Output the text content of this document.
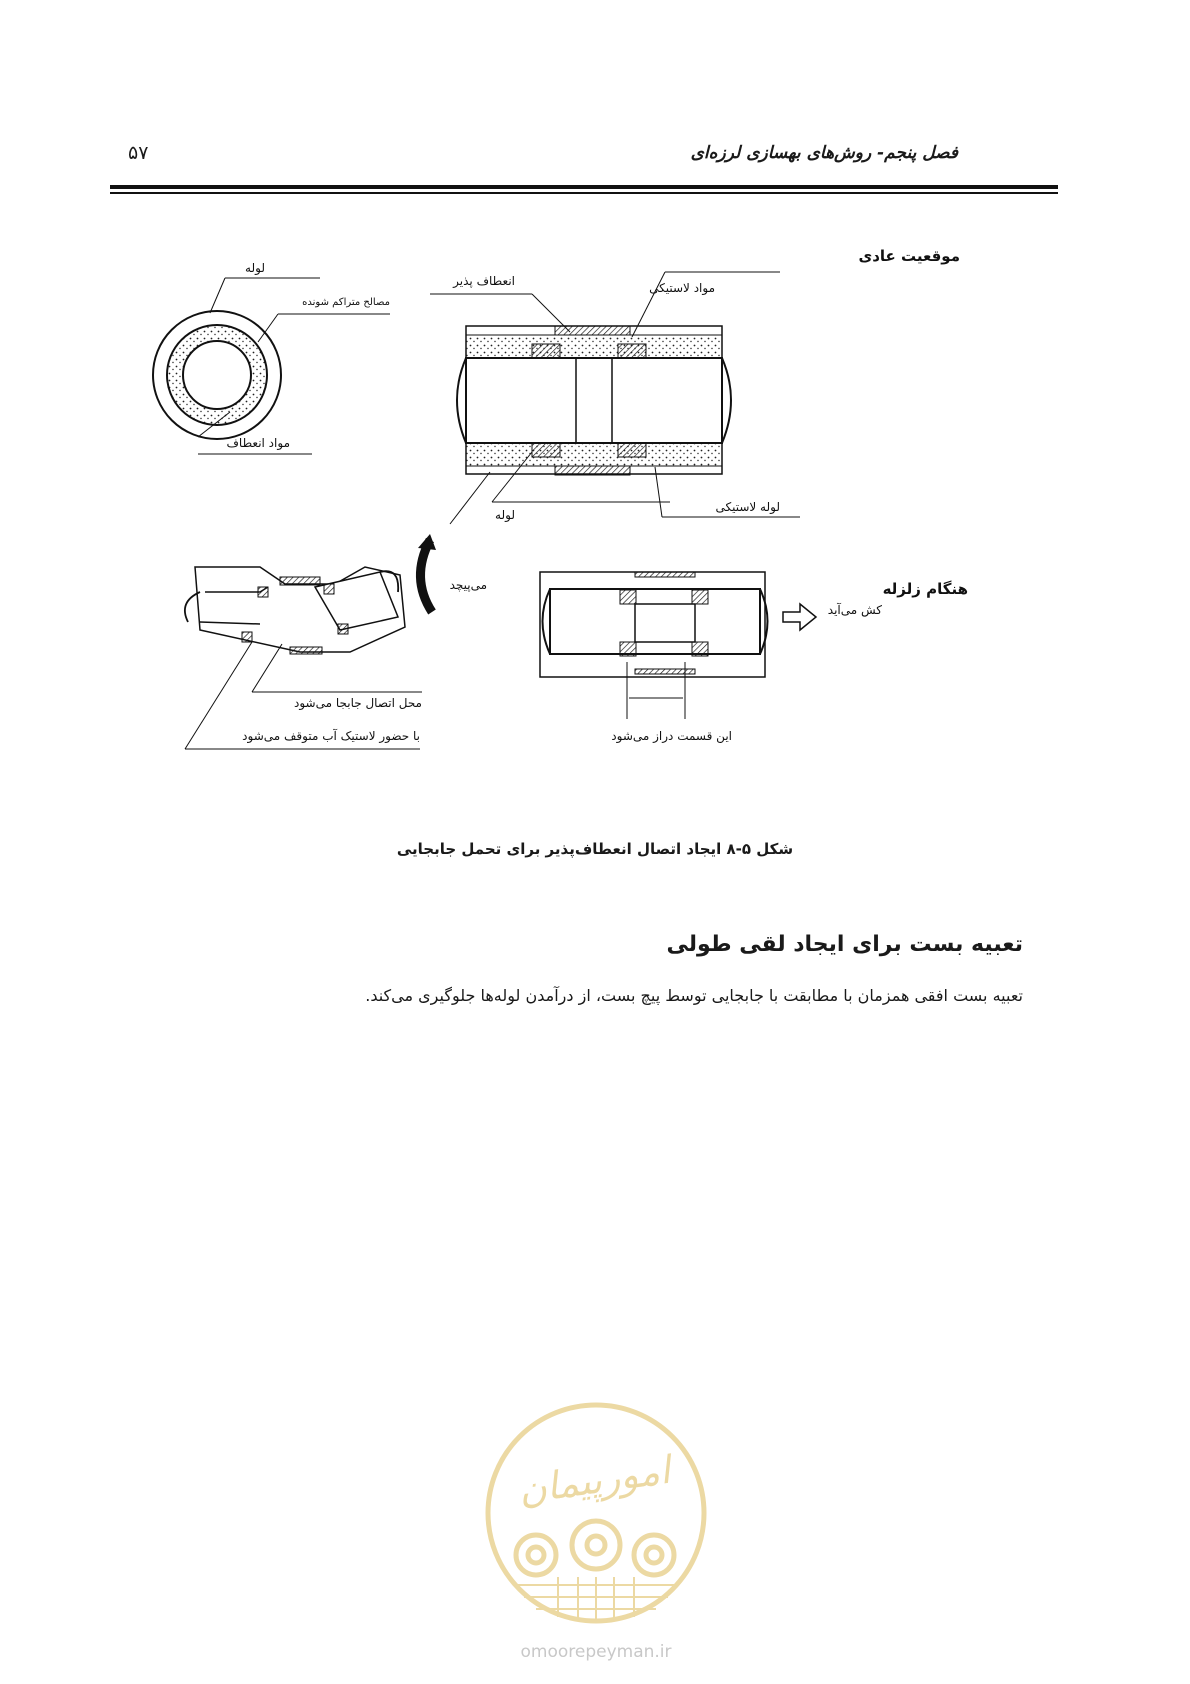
۵۷	فصل پنجم- روش‌های بهسازی لرزه‌ای
موقعیت عادی
هنگام زلزله
لوله
مصالح متراکم شونده
مواد انعطاف
انعطاف پذیر	مواد لاستیکی
لوله
لوله لاستیکی
می‌پیچد
محل اتصال جابجا می‌شود
با حضور لاستیک آب متوقف می‌شود
کش می‌آید
این قسمت دراز می‌شود
شکل ۵-۸ ایجاد اتصال انعطاف‌پذیر برای تحمل جابجایی
تعبیه بست برای ایجاد لقی طولی
تعبیه بست افقی همزمان با مطابقت با جابجایی توسط پیچ بست، از درآمدن لوله‌ها جلوگیری می‌کند.
امورپیمان
omoorepeyman.ir
